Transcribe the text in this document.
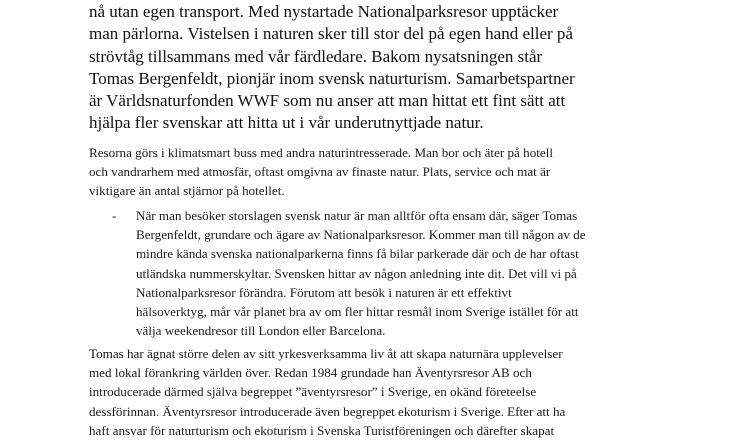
nå utan egen transport. Med nystartade Nationalparksresor upptäcker
man pärlorna. Vistelsen i naturen sker till stor del på egen hand eller på
strövtåg tillsammans med vår färdledare. Bakom nysatsningen står
Tomas Bergenfeldt, pionjär inom svensk naturturism. Samarbetspartner
är Världsnaturfonden WWF som nu anser att man hittat ett fint sätt att
hjälpa fler svenskar att hitta ut i vår underutnyttjade natur.
Resorna görs i klimatsmart buss med andra naturintresserade. Man bor och äter på hotell
och vandrarhem med atmosfär, oftast omgivna av finaste natur. Plats, service och mat är
viktigare än antal stjärnor på hotellet.
- När man besöker storslagen svensk natur är man alltför ofta ensam där, säger Tomas
Bergenfeldt, grundare och ägare av Nationalparksresor. Kommer man till någon av de
mindre kända svenska nationalparkerna finns få bilar parkerade där och de har oftast
utländska nummerskyltar. Svensken hittar av någon anledning inte dit. Det vill vi på
Nationalparksresor förändra. Förutom att besök i naturen är ett effektivt
hälsoverktyg, mår vår planet bra av om fler hittar resmål inom Sverige istället för att
välja weekendresor till London eller Barcelona.
Tomas har ägnat större delen av sitt yrkesverksamma liv åt att skapa naturnära upplevelser
med lokal förankring världen över. Redan 1984 grundade han Äventyrsresor AB och
introducerade därmed själva begreppet ”äventyrsresor” i Sverige, en okänd företeelse
dessförinnan. Äventyrsresor introducerade även begreppet ekoturism i Sverige. Efter att ha
haft ansvar för naturturism och ekoturism i Svenska Turistföreningen och därefter skapat
